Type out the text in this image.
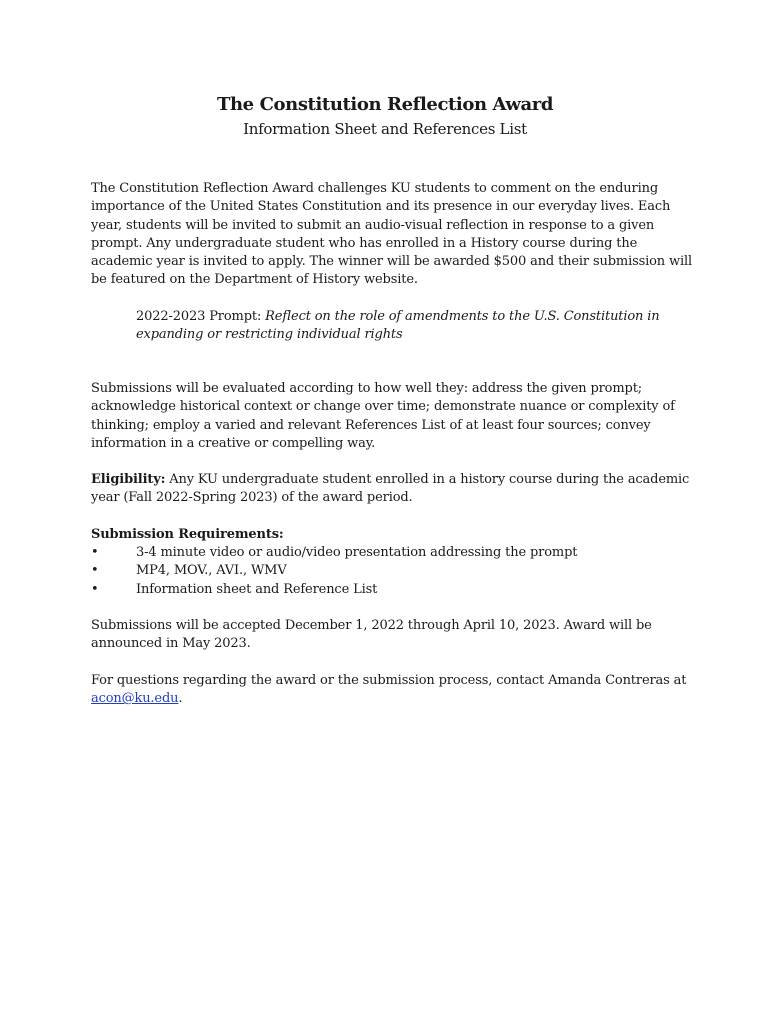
The Constitution Reflection Award
Information Sheet and References List

The Constitution Reflection Award challenges KU students to comment on the enduring importance of the United States Constitution and its presence in our everyday lives. Each year, students will be invited to submit an audio-visual reflection in response to a given prompt. Any undergraduate student who has enrolled in a History course during the academic year is invited to apply. The winner will be awarded $500 and their submission will be featured on the Department of History website.

2022-2023 Prompt: Reflect on the role of amendments to the U.S. Constitution in expanding or restricting individual rights

Submissions will be evaluated according to how well they: address the given prompt; acknowledge historical context or change over time; demonstrate nuance or complexity of thinking; employ a varied and relevant References List of at least four sources; convey information in a creative or compelling way.

Eligibility: Any KU undergraduate student enrolled in a history course during the academic year (Fall 2022-Spring 2023) of the award period.

Submission Requirements:

•	3-4 minute video or audio/video presentation addressing the prompt
•	MP4, MOV., AVI., WMV
•	Information sheet and Reference List

Submissions will be accepted December 1, 2022 through April 10, 2023. Award will be announced in May 2023.

For questions regarding the award or the submission process, contact Amanda Contreras at acon@ku.edu.
